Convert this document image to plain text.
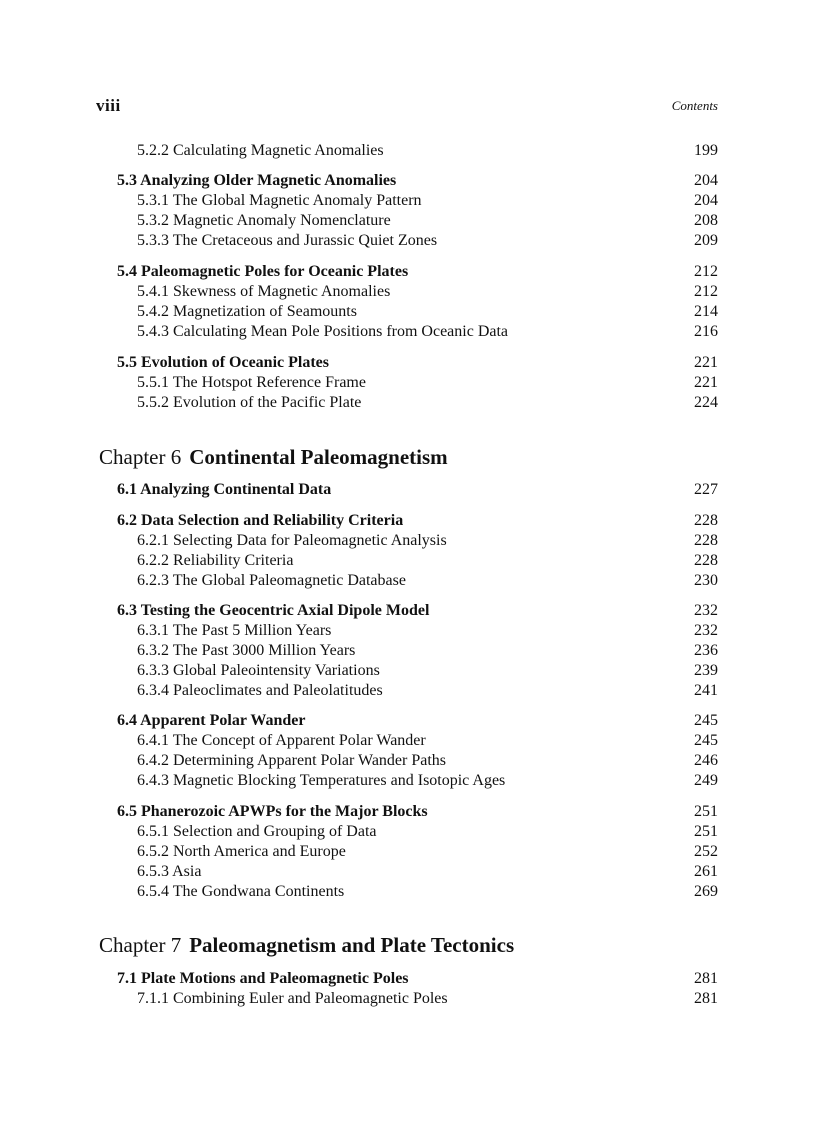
viii	Contents
5.2.2 Calculating Magnetic Anomalies	199
5.3 Analyzing Older Magnetic Anomalies	204
5.3.1 The Global Magnetic Anomaly Pattern	204
5.3.2 Magnetic Anomaly Nomenclature	208
5.3.3 The Cretaceous and Jurassic Quiet Zones	209
5.4 Paleomagnetic Poles for Oceanic Plates	212
5.4.1 Skewness of Magnetic Anomalies	212
5.4.2 Magnetization of Seamounts	214
5.4.3 Calculating Mean Pole Positions from Oceanic Data	216
5.5 Evolution of Oceanic Plates	221
5.5.1 The Hotspot Reference Frame	221
5.5.2 Evolution of the Pacific Plate	224
Chapter 6 Continental Paleomagnetism
6.1 Analyzing Continental Data	227
6.2 Data Selection and Reliability Criteria	228
6.2.1 Selecting Data for Paleomagnetic Analysis	228
6.2.2 Reliability Criteria	228
6.2.3 The Global Paleomagnetic Database	230
6.3 Testing the Geocentric Axial Dipole Model	232
6.3.1 The Past 5 Million Years	232
6.3.2 The Past 3000 Million Years	236
6.3.3 Global Paleointensity Variations	239
6.3.4 Paleoclimates and Paleolatitudes	241
6.4 Apparent Polar Wander	245
6.4.1 The Concept of Apparent Polar Wander	245
6.4.2 Determining Apparent Polar Wander Paths	246
6.4.3 Magnetic Blocking Temperatures and Isotopic Ages	249
6.5 Phanerozoic APWPs for the Major Blocks	251
6.5.1 Selection and Grouping of Data	251
6.5.2 North America and Europe	252
6.5.3 Asia	261
6.5.4 The Gondwana Continents	269
Chapter 7 Paleomagnetism and Plate Tectonics
7.1 Plate Motions and Paleomagnetic Poles	281
7.1.1 Combining Euler and Paleomagnetic Poles	281
